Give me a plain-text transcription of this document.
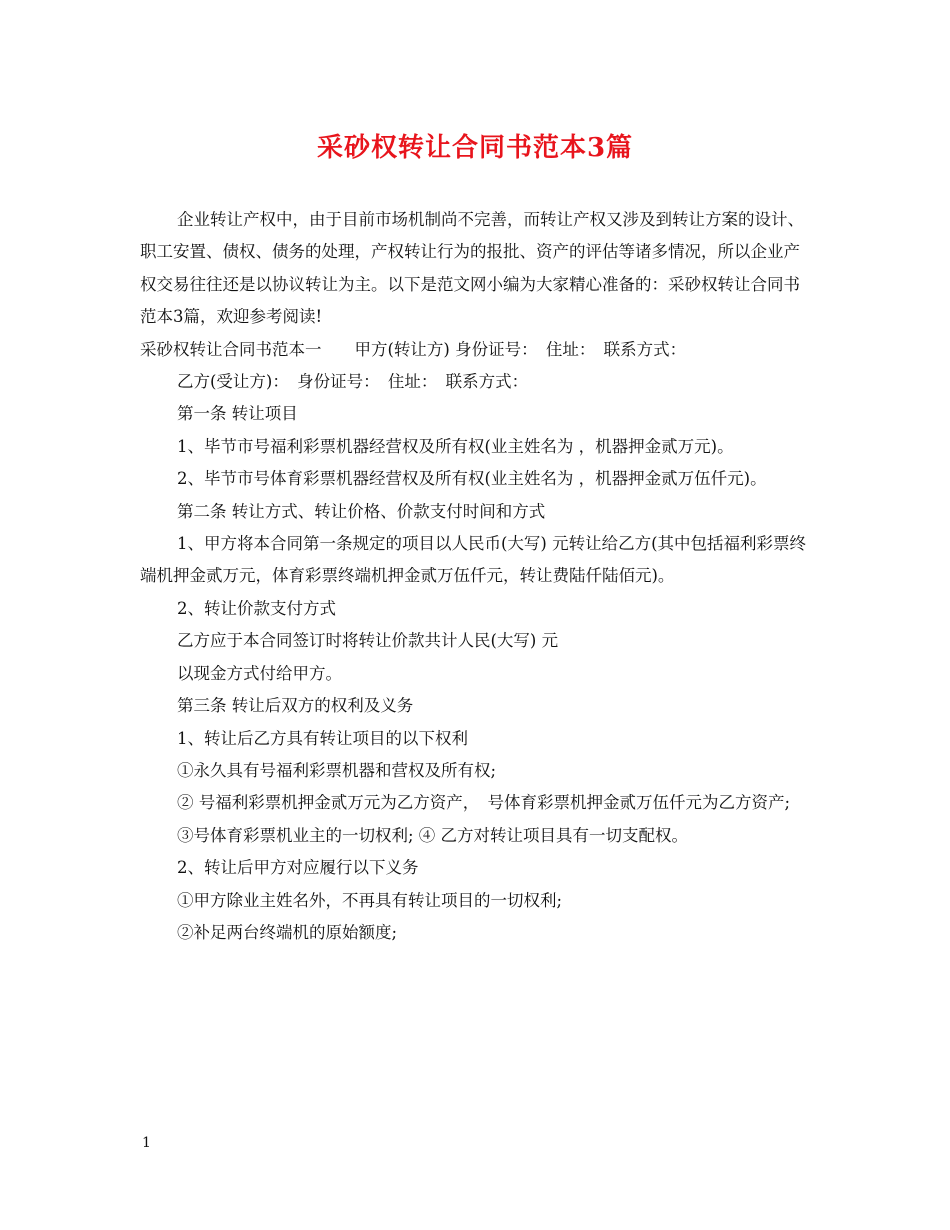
采砂权转让合同书范本3篇

企业转让产权中，由于目前市场机制尚不完善，而转让产权又涉及到转让方案的设计、职工安置、债权、债务的处理，产权转让行为的报批、资产的评估等诸多情况，所以企业产权交易往往还是以协议转让为主。以下是范文网小编为大家精心准备的：采砂权转让合同书范本3篇，欢迎参考阅读!

采砂权转让合同书范本一　　甲方(转让方) 身份证号：　住址：　联系方式：

乙方(受让方)：　身份证号：　住址：　联系方式：

第一条 转让项目

1、毕节市号福利彩票机器经营权及所有权(业主姓名为 ，机器押金贰万元)。

2、毕节市号体育彩票机器经营权及所有权(业主姓名为 ，机器押金贰万伍仟元)。

第二条 转让方式、转让价格、价款支付时间和方式

1、甲方将本合同第一条规定的项目以人民币(大写) 元转让给乙方(其中包括福利彩票终端机押金贰万元，体育彩票终端机押金贰万伍仟元，转让费陆仟陆佰元)。

2、转让价款支付方式

乙方应于本合同签订时将转让价款共计人民(大写) 元

以现金方式付给甲方。

第三条 转让后双方的权利及义务

1、转让后乙方具有转让项目的以下权利

①永久具有号福利彩票机器和营权及所有权;

② 号福利彩票机押金贰万元为乙方资产，　号体育彩票机押金贰万伍仟元为乙方资产;

③号体育彩票机业主的一切权利; ④ 乙方对转让项目具有一切支配权。

2、转让后甲方对应履行以下义务

①甲方除业主姓名外，不再具有转让项目的一切权利;

②补足两台终端机的原始额度;

1
